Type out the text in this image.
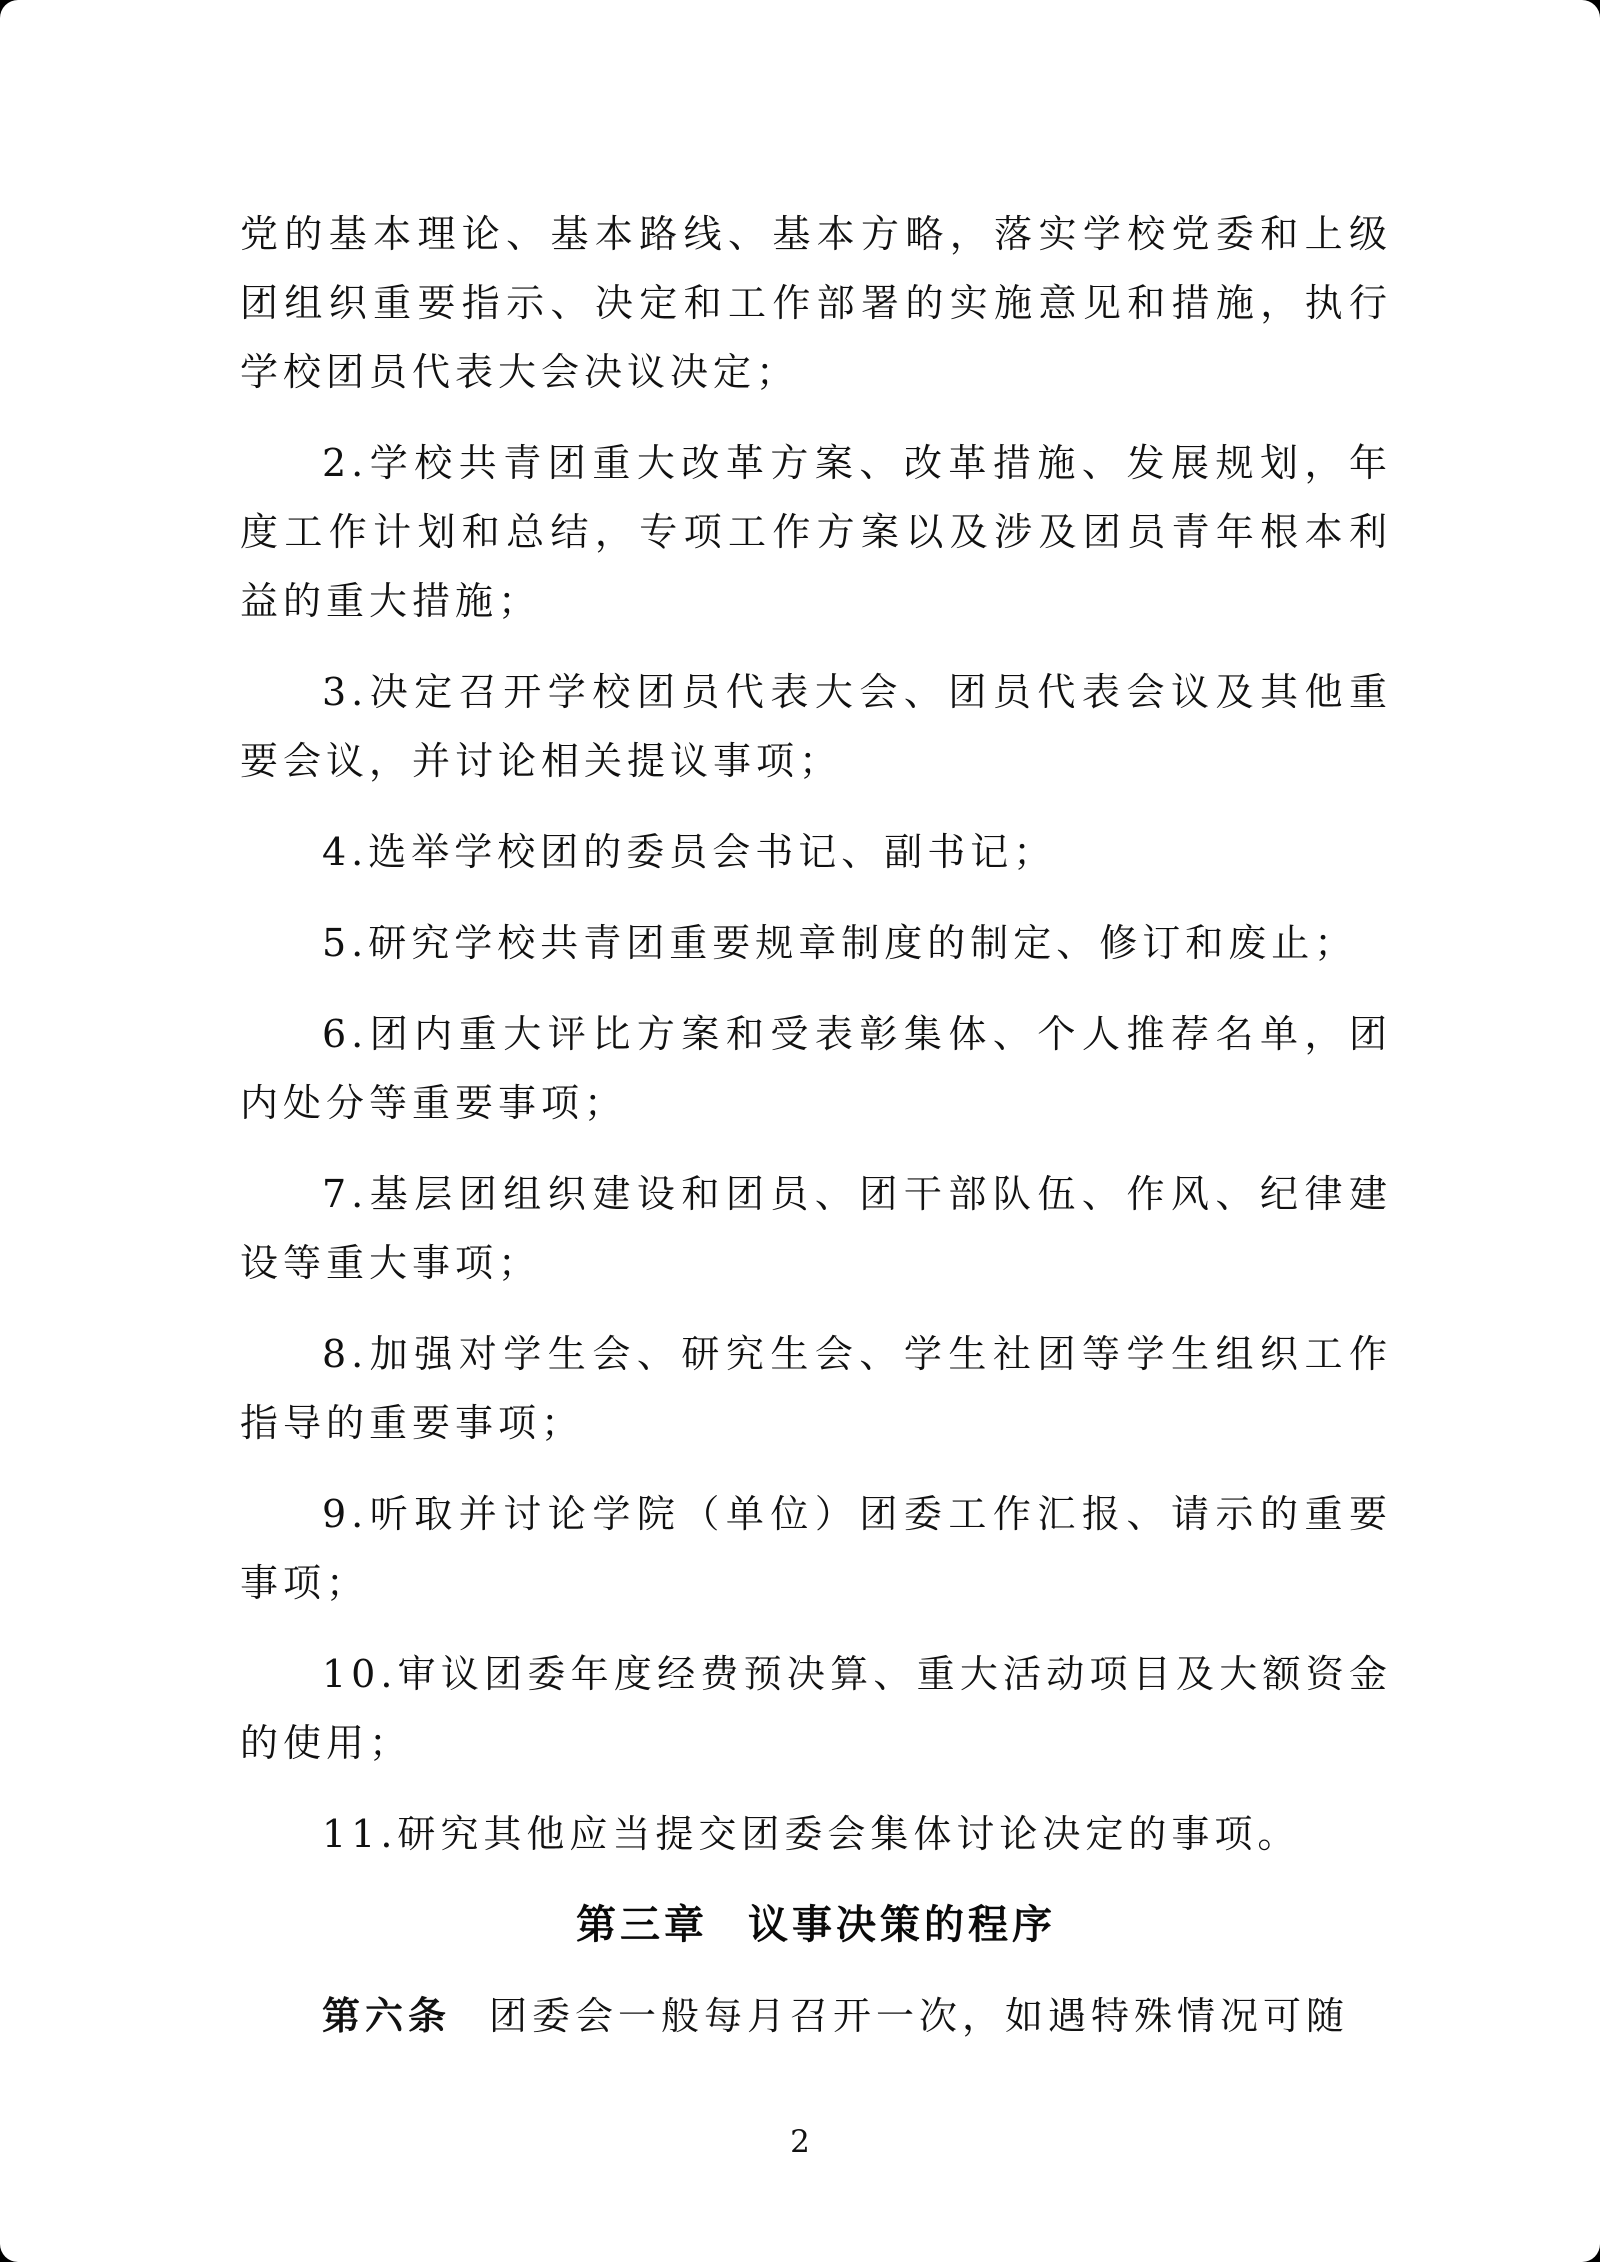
党的基本理论、基本路线、基本方略，落实学校党委和上级团组织重要指示、决定和工作部署的实施意见和措施，执行学校团员代表大会决议决定；

2.学校共青团重大改革方案、改革措施、发展规划，年度工作计划和总结，专项工作方案以及涉及团员青年根本利益的重大措施；

3.决定召开学校团员代表大会、团员代表会议及其他重要会议，并讨论相关提议事项；

4.选举学校团的委员会书记、副书记；

5.研究学校共青团重要规章制度的制定、修订和废止；

6.团内重大评比方案和受表彰集体、个人推荐名单，团内处分等重要事项；

7.基层团组织建设和团员、团干部队伍、作风、纪律建设等重大事项；

8.加强对学生会、研究生会、学生社团等学生组织工作指导的重要事项；

9.听取并讨论学院（单位）团委工作汇报、请示的重要事项；

10.审议团委年度经费预决算、重大活动项目及大额资金的使用；

11.研究其他应当提交团委会集体讨论决定的事项。

第三章 议事决策的程序

第六条 团委会一般每月召开一次，如遇特殊情况可随

2
